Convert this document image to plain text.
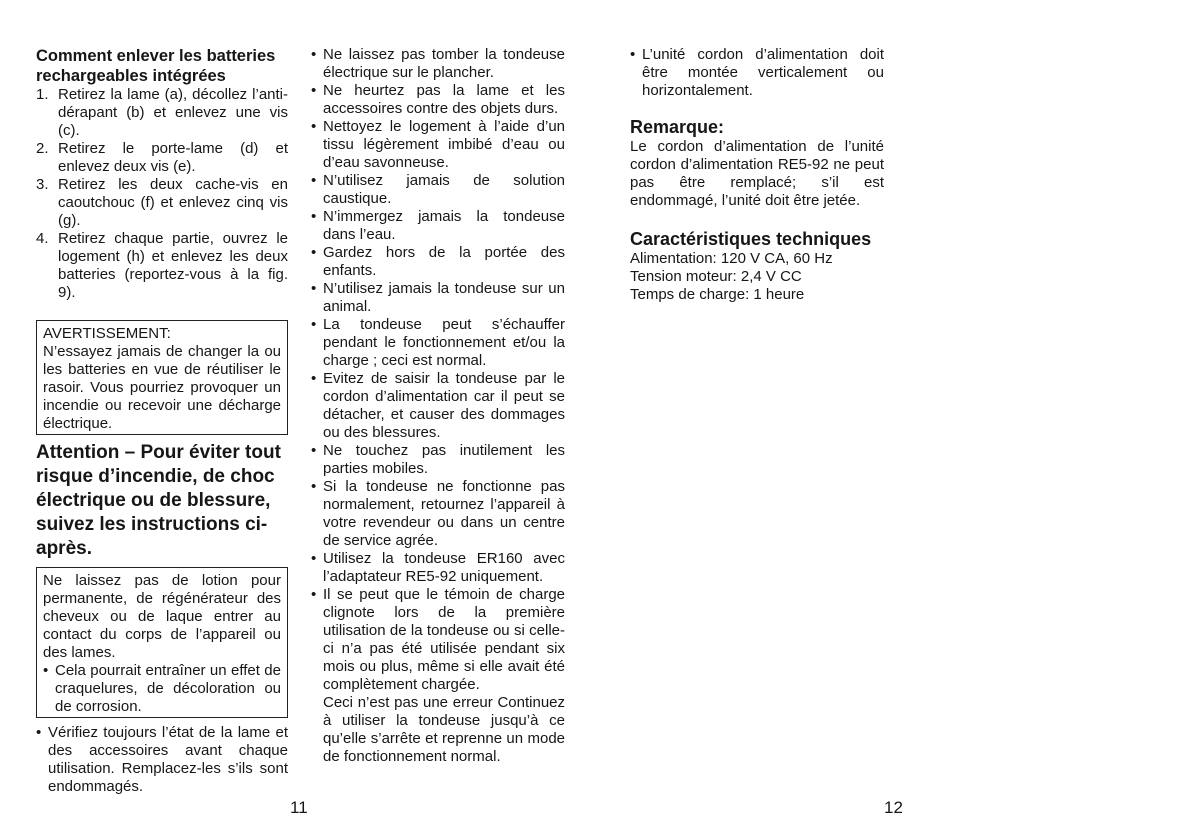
Comment enlever les batteries rechargeables intégrées
1. Retirez la lame (a), décollez l’anti-dérapant (b) et enlevez une vis (c).
2. Retirez le porte-lame (d) et enlevez deux vis (e).
3. Retirez les deux cache-vis en caoutchouc (f) et enlevez cinq vis (g).
4. Retirez chaque partie, ouvrez le logement (h) et enlevez les deux batteries (reportez-vous à la fig. 9).
AVERTISSEMENT:

N’essayez jamais de changer la ou les batteries en vue de réutiliser le rasoir. Vous pourriez provoquer un incendie ou recevoir une décharge électrique.

Attention – Pour éviter tout risque d’incendie, de choc électrique ou de blessure, suivez les instructions ci-après.

Ne laissez pas de lotion pour permanente, de régénérateur des cheveux ou de laque entrer au contact du corps de l’appareil ou des lames.

• Cela pourrait entraîner un effet de craquelures, de décoloration ou de corrosion.
• Vérifiez toujours l’état de la lame et des accessoires avant chaque utilisation. Remplacez-les s’ils sont endommagés.
• Ne laissez pas tomber la tondeuse électrique sur le plancher.
• Ne heurtez pas la lame et les accessoires contre des objets durs.
• Nettoyez le logement à l’aide d’un tissu légèrement imbibé d’eau ou d’eau savonneuse.
• N’utilisez jamais de solution caustique.
• N’immergez jamais la tondeuse dans l’eau.
• Gardez hors de la portée des enfants.
• N’utilisez jamais la tondeuse sur un animal.
• La tondeuse peut s’échauffer pendant le fonctionnement et/ou la charge ; ceci est normal.
• Evitez de saisir la tondeuse par le cordon d’alimentation car il peut se détacher, et causer des dommages ou des blessures.
• Ne touchez pas inutilement les parties mobiles.
• Si la tondeuse ne fonctionne pas normalement, retournez l’appareil à votre revendeur ou dans un centre de service agrée.
• Utilisez la tondeuse ER160 avec l’adaptateur RE5-92 uniquement.
• Il se peut que le témoin de charge clignote lors de la première utilisation de la tondeuse ou si celle-ci n’a pas été utilisée pendant six mois ou plus, même si elle avait été complètement chargée.

Ceci n’est pas une erreur Continuez à utiliser la tondeuse jusqu’à ce qu’elle s’arrête et reprenne un mode de fonctionnement normal.

• L’unité cordon d’alimentation doit être montée verticalement ou horizontalement.
Remarque:

Le cordon d’alimentation de l’unité cordon d’alimentation RE5-92 ne peut pas être remplacé; s’il est endommagé, l’unité doit être jetée.

Caractéristiques techniques
Alimentation: 120 V CA, 60 Hz
Tension moteur: 2,4 V CC
Temps de charge: 1 heure
11	12
